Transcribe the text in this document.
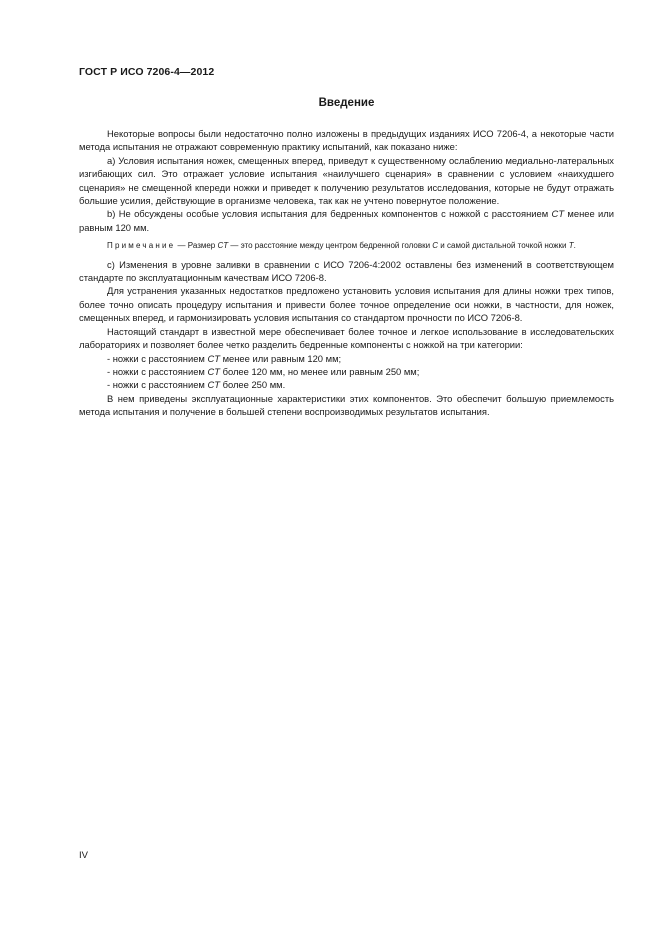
ГОСТ Р ИСО 7206-4—2012
Введение

Некоторые вопросы были недостаточно полно изложены в предыдущих изданиях ИСО 7206-4, а некоторые части метода испытания не отражают современную практику испытаний, как показано ниже:

a) Условия испытания ножек, смещенных вперед, приведут к существенному ослаблению медиально-латеральных изгибающих сил. Это отражает условие испытания «наилучшего сценария» в сравнении с условием «наихудшего сценария» не смещенной кпереди ножки и приведет к получению результатов исследования, которые не будут отражать большие усилия, действующие в организме человека, так как не учтено повернутое положение.

b) Не обсуждены особые условия испытания для бедренных компонентов с ножкой с расстоянием CT менее или равным 120 мм.

Примечание — Размер CT — это расстояние между центром бедренной головки C и самой дистальной точкой ножки T.

c) Изменения в уровне заливки в сравнении с ИСО 7206-4:2002 оставлены без изменений в соответствующем стандарте по эксплуатационным качествам ИСО 7206-8.

Для устранения указанных недостатков предложено установить условия испытания для длины ножки трех типов, более точно описать процедуру испытания и привести более точное определение оси ножки, в частности, для ножек, смещенных вперед, и гармонизировать условия испытания со стандартом прочности по ИСО 7206-8.

Настоящий стандарт в известной мере обеспечивает более точное и легкое использование в исследовательских лабораториях и позволяет более четко разделить бедренные компоненты с ножкой на три категории:

- ножки с расстоянием CT менее или равным 120 мм;
- ножки с расстоянием CT более 120 мм, но менее или равным 250 мм;
- ножки с расстоянием CT более 250 мм.

В нем приведены эксплуатационные характеристики этих компонентов. Это обеспечит большую приемлемость метода испытания и получение в большей степени воспроизводимых результатов испытания.

IV
